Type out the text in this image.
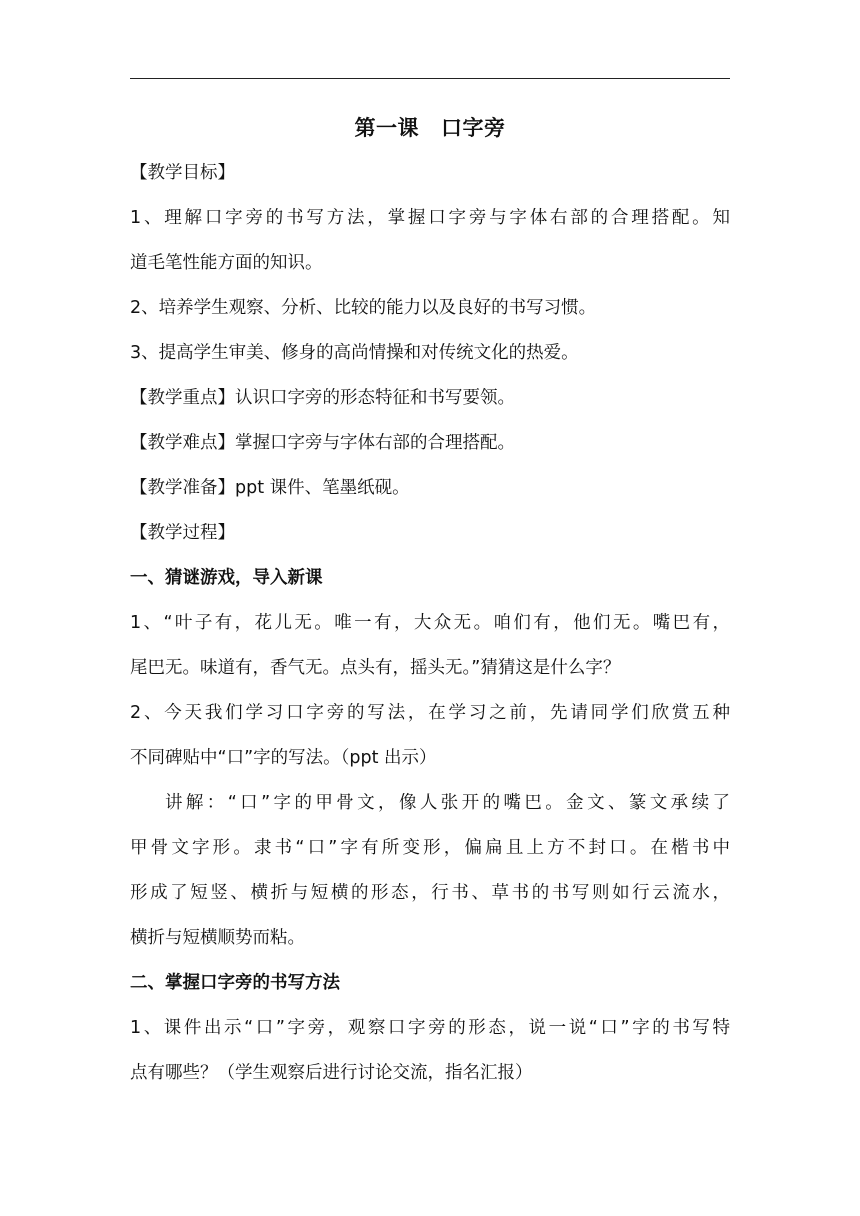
第一课 口字旁

【教学目标】

1、理解口字旁的书写方法，掌握口字旁与字体右部的合理搭配。知
道毛笔性能方面的知识。

2、培养学生观察、分析、比较的能力以及良好的书写习惯。

3、提高学生审美、修身的高尚情操和对传统文化的热爱。

【教学重点】认识口字旁的形态特征和书写要领。

【教学难点】掌握口字旁与字体右部的合理搭配。

【教学准备】ppt 课件、笔墨纸砚。

【教学过程】

一、猜谜游戏，导入新课

1、“叶子有，花儿无。唯一有，大众无。咱们有，他们无。嘴巴有，
尾巴无。味道有，香气无。点头有，摇头无。”猜猜这是什么字？

2、今天我们学习口字旁的写法，在学习之前，先请同学们欣赏五种
不同碑贴中“口”字的写法。（ppt 出示）

讲解：“口”字的甲骨文，像人张开的嘴巴。金文、篆文承续了
甲骨文字形。隶书“口”字有所变形，偏扁且上方不封口。在楷书中
形成了短竖、横折与短横的形态，行书、草书的书写则如行云流水，
横折与短横顺势而粘。

二、掌握口字旁的书写方法

1、课件出示“口”字旁，观察口字旁的形态，说一说“口”字的书写特
点有哪些？（学生观察后进行讨论交流，指名汇报）
